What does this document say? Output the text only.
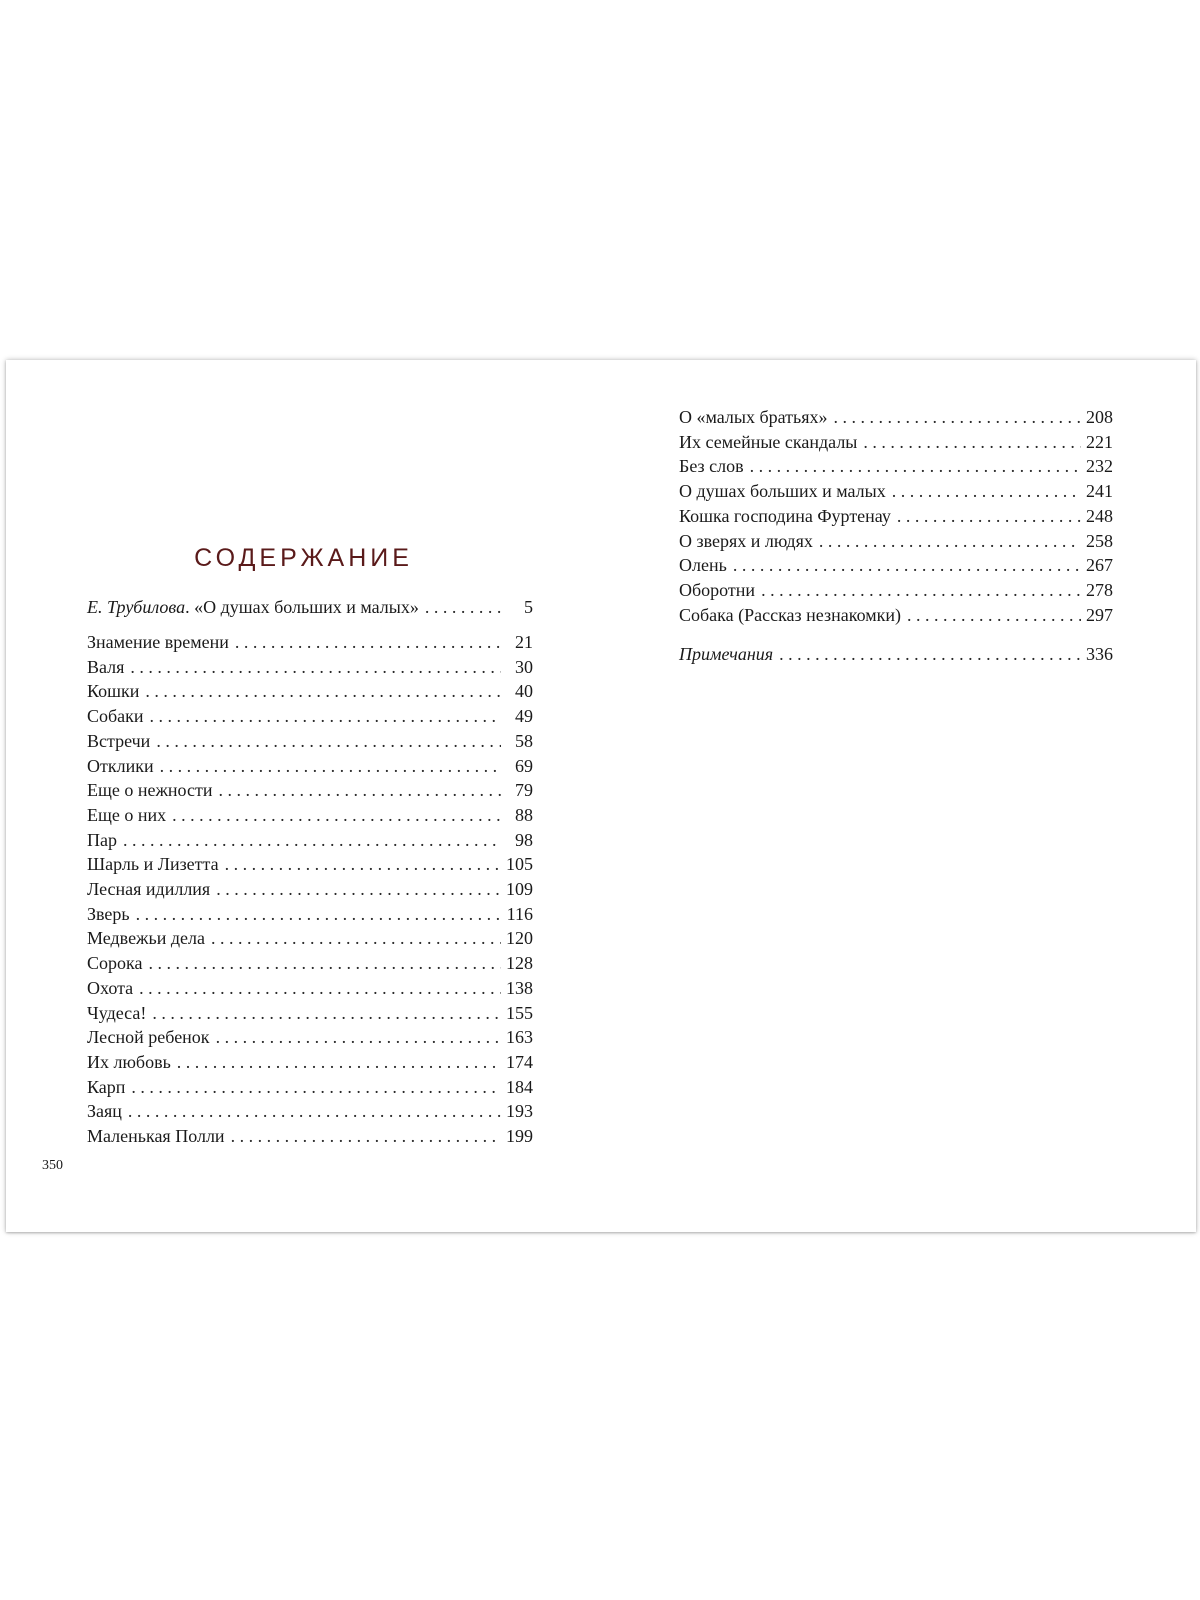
СОДЕРЖАНИЕ
Е. Трубилова. «О душах больших и малых» . . .	5
Знамение времени . . .	21
Валя . . .	30
Кошки . . .	40
Собаки . . .	49
Встречи . . .	58
Отклики . . .	69
Еще о нежности . . .	79
Еще о них . . .	88
Пар . . .	98
Шарль и Лизетта . . .	105
Лесная идиллия . . .	109
Зверь . . .	116
Медвежьи дела . . .	120
Сорока . . .	128
Охота . . .	138
Чудеса! . . .	155
Лесной ребенок . . .	163
Их любовь . . .	174
Карп . . .	184
Заяц . . .	193
Маленькая Полли . . .	199
350
О «малых братьях» . . .	208
Их семейные скандалы . . .	221
Без слов . . .	232
О душах больших и малых . . .	241
Кошка господина Фуртенау . . .	248
О зверях и людях . . .	258
Олень . . .	267
Оборотни . . .	278
Собака (Рассказ незнакомки) . . .	297
Примечания . . .	336
